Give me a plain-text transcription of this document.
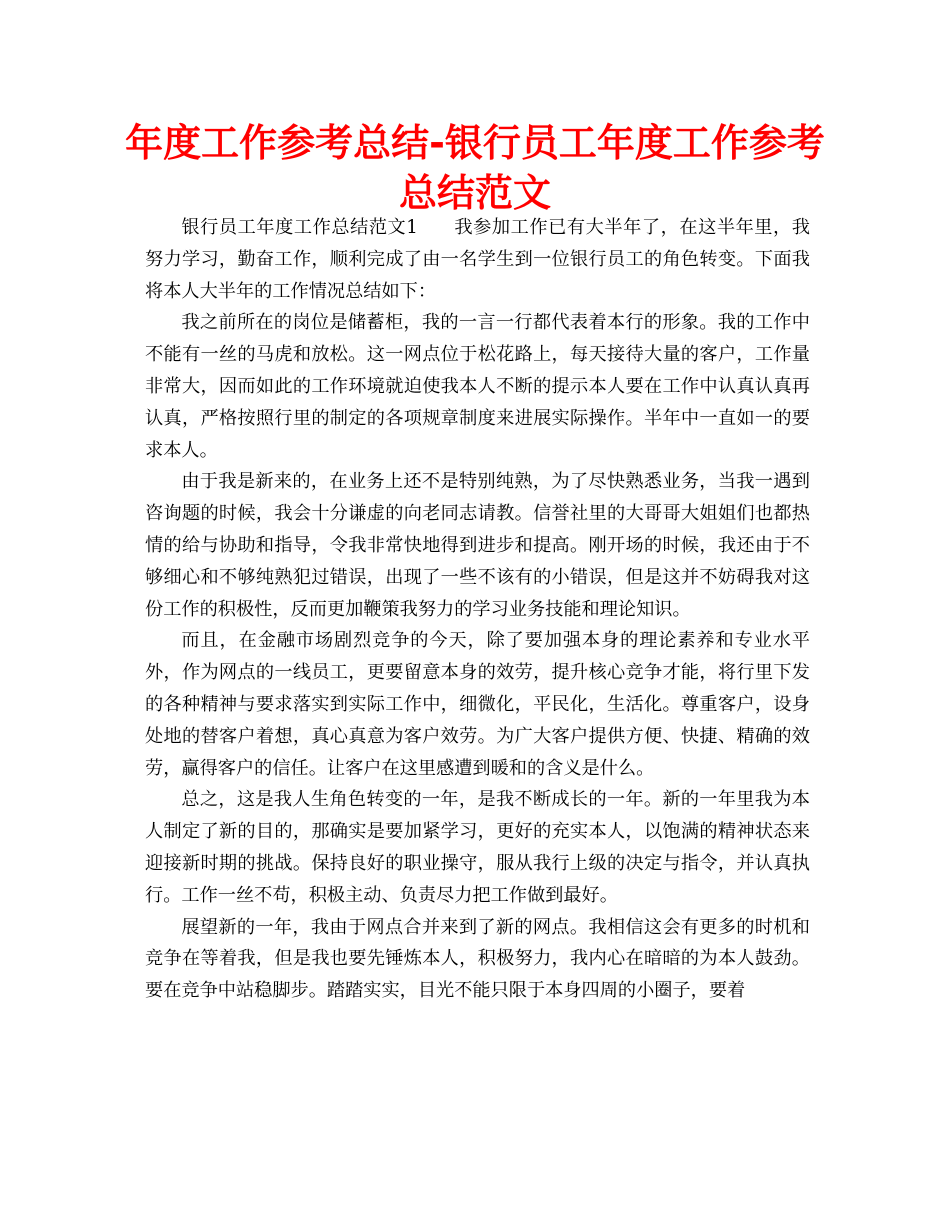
年度工作参考总结-银行员工年度工作参考总结范文

银行员工年度工作总结范文1 我参加工作已有大半年了，在这半年里，我努力学习，勤奋工作，顺利完成了由一名学生到一位银行员工的角色转变。下面我将本人大半年的工作情况总结如下：

我之前所在的岗位是储蓄柜，我的一言一行都代表着本行的形象。我的工作中不能有一丝的马虎和放松。这一网点位于松花路上，每天接待大量的客户，工作量非常大，因而如此的工作环境就迫使我本人不断的提示本人要在工作中认真认真再认真，严格按照行里的制定的各项规章制度来进展实际操作。半年中一直如一的要求本人。

由于我是新来的，在业务上还不是特别纯熟，为了尽快熟悉业务，当我一遇到咨询题的时候，我会十分谦虚的向老同志请教。信誉社里的大哥哥大姐姐们也都热情的给与协助和指导，令我非常快地得到进步和提高。刚开场的时候，我还由于不够细心和不够纯熟犯过错误，出现了一些不该有的小错误，但是这并不妨碍我对这份工作的积极性，反而更加鞭策我努力的学习业务技能和理论知识。

而且，在金融市场剧烈竞争的今天，除了要加强本身的理论素养和专业水平外，作为网点的一线员工，更要留意本身的效劳，提升核心竞争才能，将行里下发的各种精神与要求落实到实际工作中，细微化，平民化，生活化。尊重客户，设身处地的替客户着想，真心真意为客户效劳。为广大客户提供方便、快捷、精确的效劳，赢得客户的信任。让客户在这里感遭到暖和的含义是什么。

总之，这是我人生角色转变的一年，是我不断成长的一年。新的一年里我为本人制定了新的目的，那确实是要加紧学习，更好的充实本人，以饱满的精神状态来迎接新时期的挑战。保持良好的职业操守，服从我行上级的决定与指令，并认真执行。工作一丝不苟，积极主动、负责尽力把工作做到最好。

展望新的一年，我由于网点合并来到了新的网点。我相信这会有更多的时机和竞争在等着我，但是我也要先锤炼本人，积极努力，我内心在暗暗的为本人鼓劲。要在竞争中站稳脚步。踏踏实实，目光不能只限于本身四周的小圈子，要着
